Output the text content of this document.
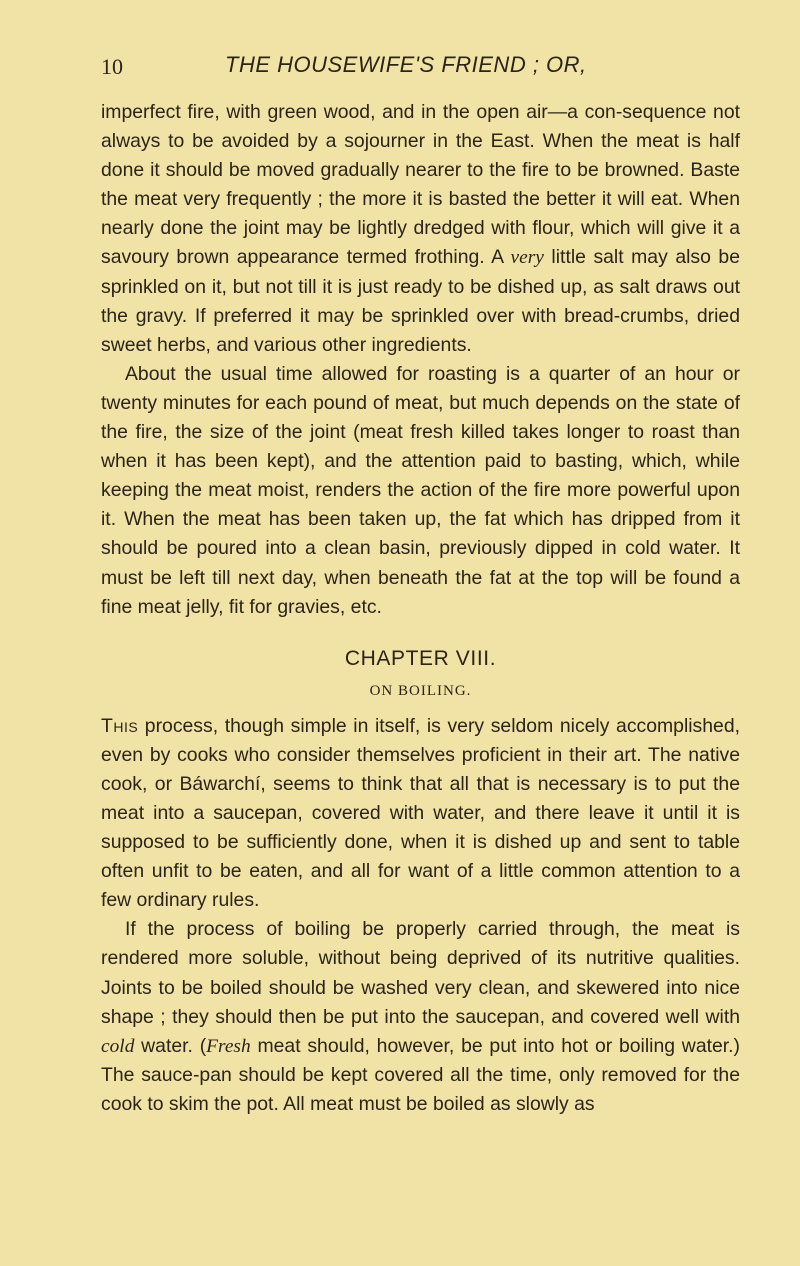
10	THE HOUSEWIFE'S FRIEND ; OR,

imperfect fire, with green wood, and in the open air—a con-sequence not always to be avoided by a sojourner in the East. When the meat is half done it should be moved gradually nearer to the fire to be browned. Baste the meat very frequently ; the more it is basted the better it will eat. When nearly done the joint may be lightly dredged with flour, which will give it a savoury brown appearance termed frothing. A very little salt may also be sprinkled on it, but not till it is just ready to be dished up, as salt draws out the gravy. If preferred it may be sprinkled over with bread-crumbs, dried sweet herbs, and various other ingredients.

About the usual time allowed for roasting is a quarter of an hour or twenty minutes for each pound of meat, but much depends on the state of the fire, the size of the joint (meat fresh killed takes longer to roast than when it has been kept), and the attention paid to basting, which, while keeping the meat moist, renders the action of the fire more powerful upon it. When the meat has been taken up, the fat which has dripped from it should be poured into a clean basin, previously dipped in cold water. It must be left till next day, when beneath the fat at the top will be found a fine meat jelly, fit for gravies, etc.

CHAPTER VIII.
ON BOILING.

This process, though simple in itself, is very seldom nicely accomplished, even by cooks who consider themselves proficient in their art. The native cook, or Báwarchí, seems to think that all that is necessary is to put the meat into a saucepan, covered with water, and there leave it until it is supposed to be sufficiently done, when it is dished up and sent to table often unfit to be eaten, and all for want of a little common attention to a few ordinary rules.

If the process of boiling be properly carried through, the meat is rendered more soluble, without being deprived of its nutritive qualities. Joints to be boiled should be washed very clean, and skewered into nice shape ; they should then be put into the saucepan, and covered well with cold water. (Fresh meat should, however, be put into hot or boiling water.) The sauce-pan should be kept covered all the time, only removed for the cook to skim the pot. All meat must be boiled as slowly as
